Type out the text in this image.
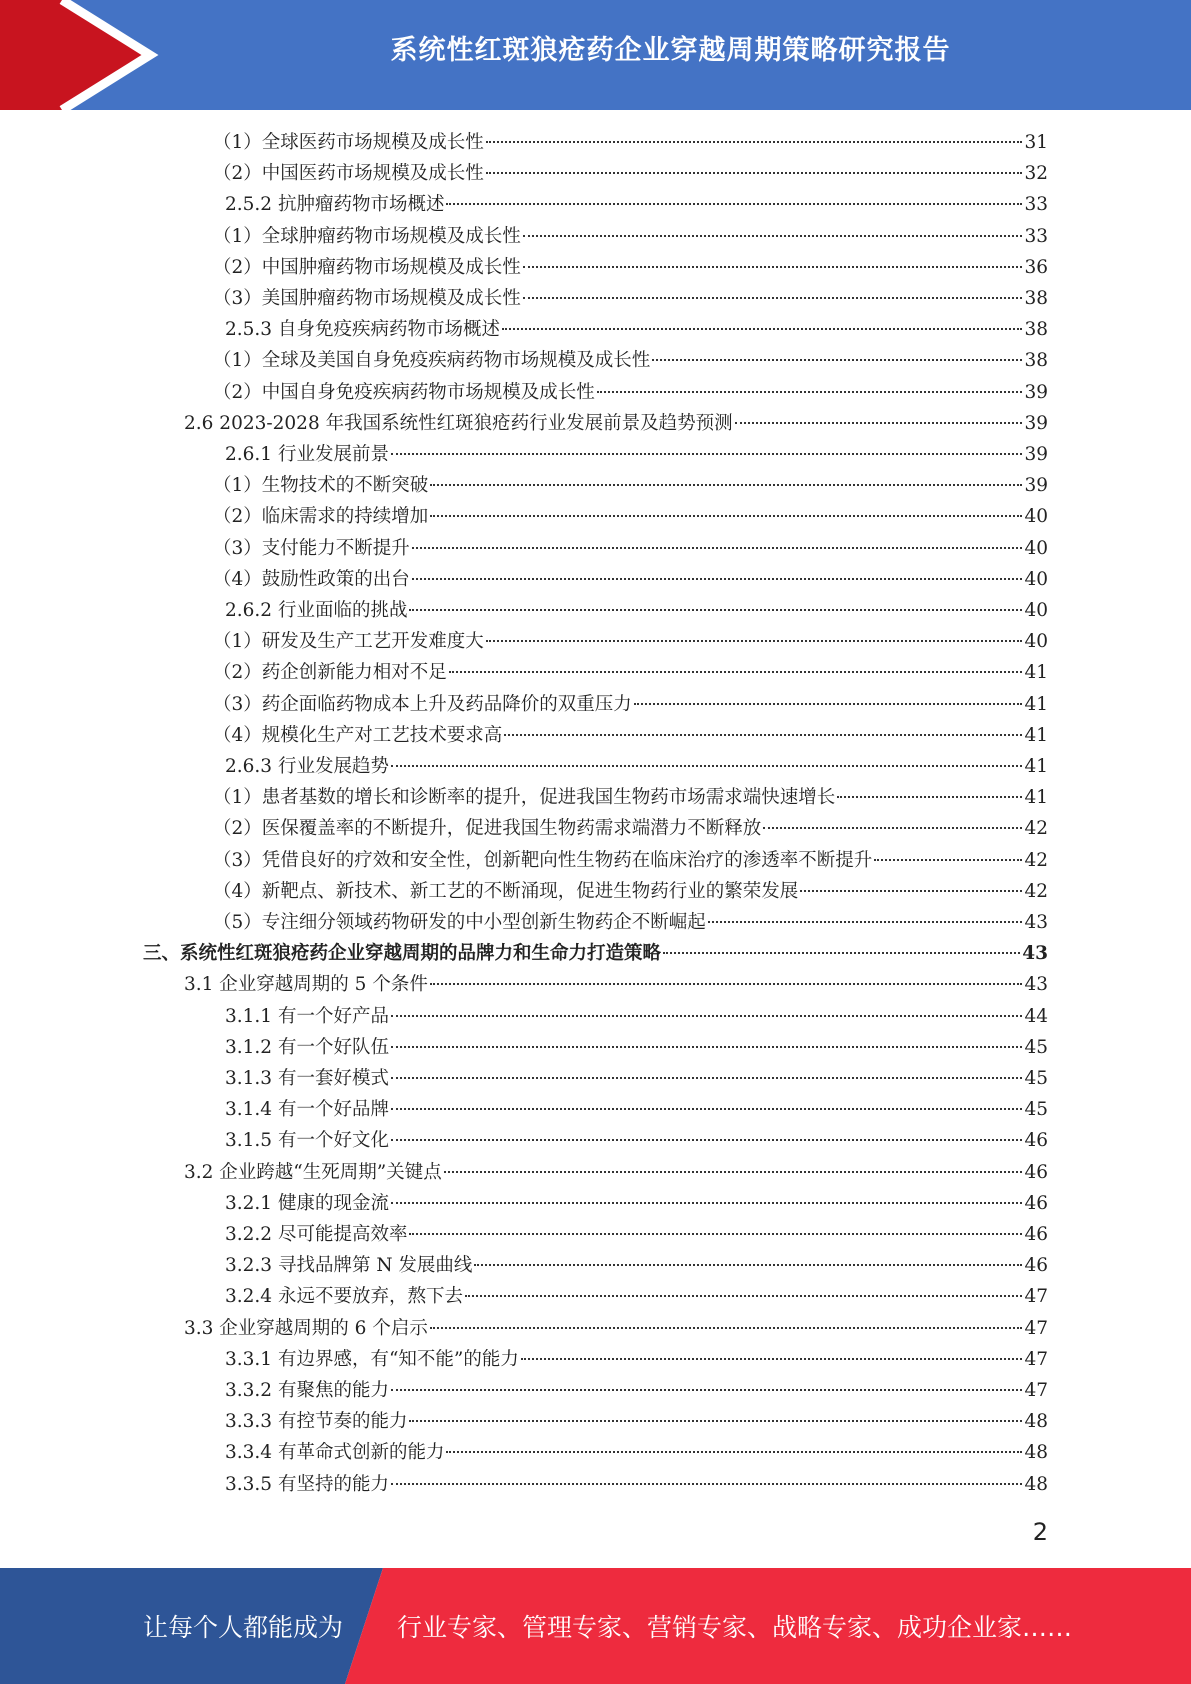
系统性红斑狼疮药企业穿越周期策略研究报告
（1）全球医药市场规模及成长性	31
（2）中国医药市场规模及成长性	32
2.5.2 抗肿瘤药物市场概述	33
（1）全球肿瘤药物市场规模及成长性	33
（2）中国肿瘤药物市场规模及成长性	36
（3）美国肿瘤药物市场规模及成长性	38
2.5.3 自身免疫疾病药物市场概述	38
（1）全球及美国自身免疫疾病药物市场规模及成长性	38
（2）中国自身免疫疾病药物市场规模及成长性	39
2.6 2023-2028 年我国系统性红斑狼疮药行业发展前景及趋势预测	39
2.6.1 行业发展前景	39
（1）生物技术的不断突破	39
（2）临床需求的持续增加	40
（3）支付能力不断提升	40
（4）鼓励性政策的出台	40
2.6.2 行业面临的挑战	40
（1）研发及生产工艺开发难度大	40
（2）药企创新能力相对不足	41
（3）药企面临药物成本上升及药品降价的双重压力	41
（4）规模化生产对工艺技术要求高	41
2.6.3 行业发展趋势	41
（1）患者基数的增长和诊断率的提升，促进我国生物药市场需求端快速增长	41
（2）医保覆盖率的不断提升，促进我国生物药需求端潜力不断释放	42
（3）凭借良好的疗效和安全性，创新靶向性生物药在临床治疗的渗透率不断提升	42
（4）新靶点、新技术、新工艺的不断涌现，促进生物药行业的繁荣发展	42
（5）专注细分领域药物研发的中小型创新生物药企不断崛起	43
三、系统性红斑狼疮药企业穿越周期的品牌力和生命力打造策略	43
3.1 企业穿越周期的 5 个条件	43
3.1.1 有一个好产品	44
3.1.2 有一个好队伍	45
3.1.3 有一套好模式	45
3.1.4 有一个好品牌	45
3.1.5 有一个好文化	46
3.2 企业跨越“生死周期”关键点	46
3.2.1 健康的现金流	46
3.2.2 尽可能提高效率	46
3.2.3 寻找品牌第 N 发展曲线	46
3.2.4 永远不要放弃，熬下去	47
3.3 企业穿越周期的 6 个启示	47
3.3.1 有边界感，有“知不能”的能力	47
3.3.2 有聚焦的能力	47
3.3.3 有控节奏的能力	48
3.3.4 有革命式创新的能力	48
3.3.5 有坚持的能力	48
2
让每个人都能成为 行业专家、管理专家、营销专家、战略专家、成功企业家……
